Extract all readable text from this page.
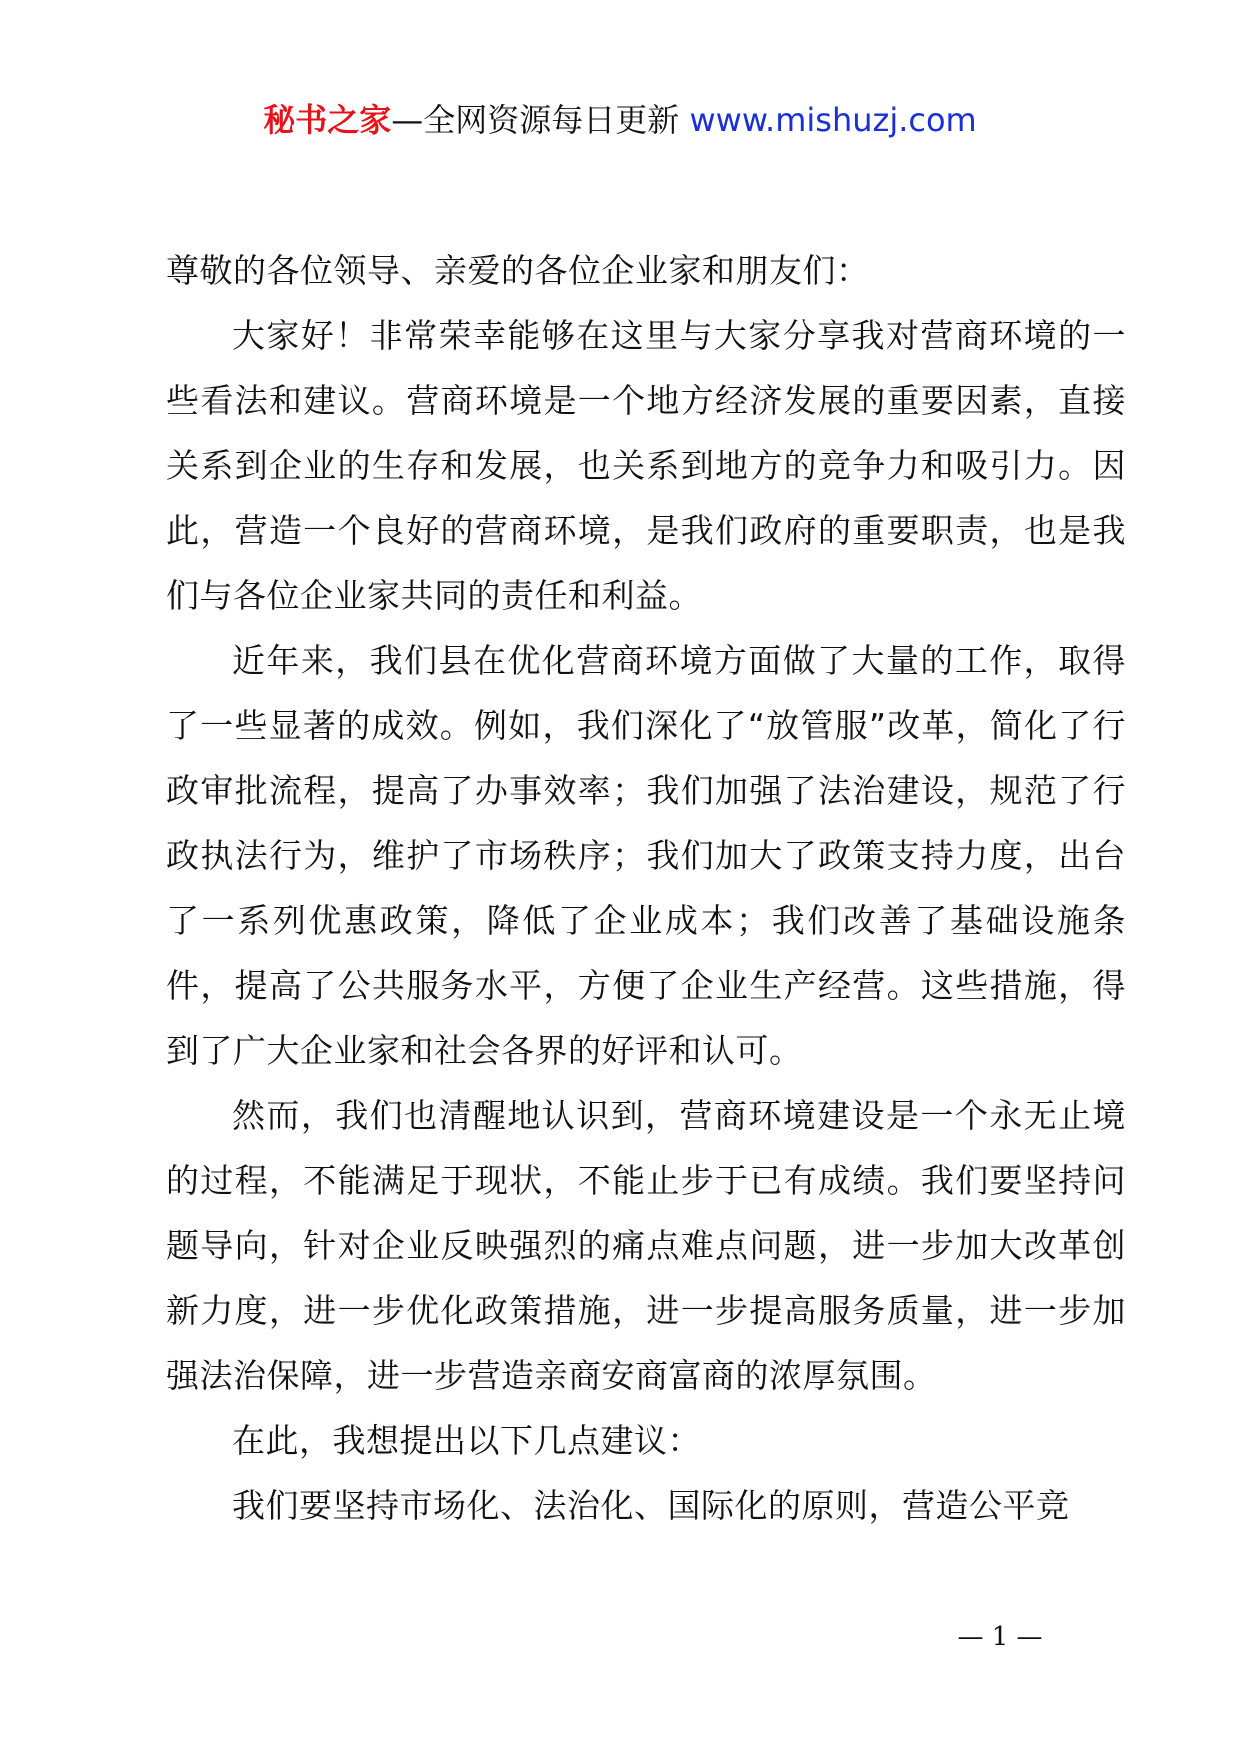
秘书之家—全网资源每日更新 www.mishuzj.com

尊敬的各位领导、亲爱的各位企业家和朋友们：

大家好！非常荣幸能够在这里与大家分享我对营商环境的一些看法和建议。营商环境是一个地方经济发展的重要因素，直接关系到企业的生存和发展，也关系到地方的竞争力和吸引力。因此，营造一个良好的营商环境，是我们政府的重要职责，也是我们与各位企业家共同的责任和利益。

近年来，我们县在优化营商环境方面做了大量的工作，取得了一些显著的成效。例如，我们深化了“放管服”改革，简化了行政审批流程，提高了办事效率；我们加强了法治建设，规范了行政执法行为，维护了市场秩序；我们加大了政策支持力度，出台了一系列优惠政策，降低了企业成本；我们改善了基础设施条件，提高了公共服务水平，方便了企业生产经营。这些措施，得到了广大企业家和社会各界的好评和认可。

然而，我们也清醒地认识到，营商环境建设是一个永无止境的过程，不能满足于现状，不能止步于已有成绩。我们要坚持问题导向，针对企业反映强烈的痛点难点问题，进一步加大改革创新力度，进一步优化政策措施，进一步提高服务质量，进一步加强法治保障，进一步营造亲商安商富商的浓厚氛围。

在此，我想提出以下几点建议：

我们要坚持市场化、法治化、国际化的原则，营造公平竞

— 1 —
